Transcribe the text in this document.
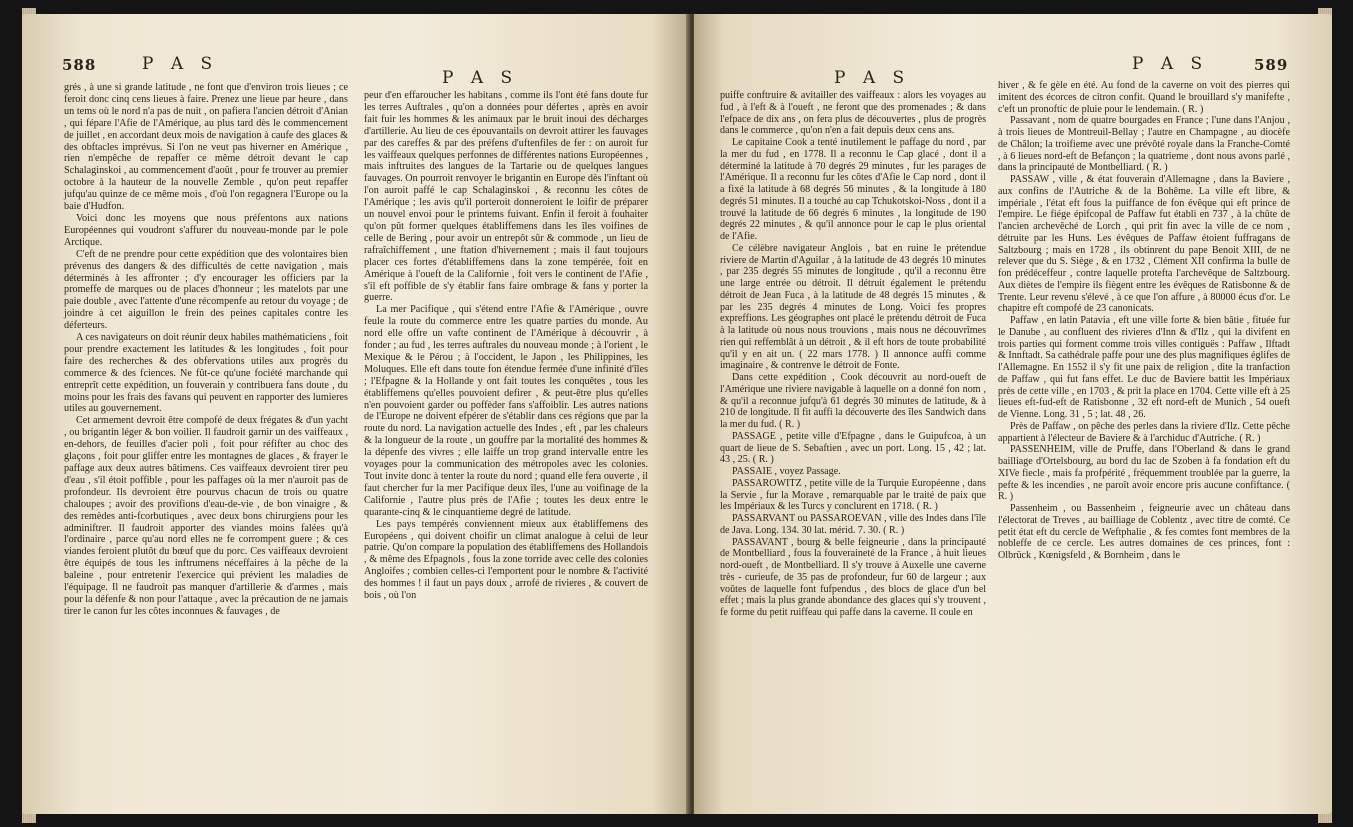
588	P A S
P A S

grés , à une si grande latitude , ne font que d'environ trois lieues ; ce feroit donc cinq cens lieues à faire. Prenez une lieue par heure , dans un tems où le nord n'a pas de nuit , on pafiera l'ancien détroit d'Anian , qui fépare l'Afie de l'Amérique, au plus tard dès le commencement de juillet , en accordant deux mois de navigation à caufe des glaces & des obftacles imprévus. Si l'on ne veut pas hiverner en Amérique , rien n'empêche de repaffer ce même détroit devant le cap Schalaginskoi , au commencement d'août , pour fe trouver au premier octobre à la hauteur de la nouvelle Zemble , qu'on peut repaffer jufqu'au quinze de ce même mois , d'où l'on regagnera l'Europe ou la baie d'Hudfon.

Voici donc les moyens que nous préfentons aux nations Européennes qui voudront s'affurer du nouveau-monde par le pole Arctique.

C'eft de ne prendre pour cette expédition que des volontaires bien prévenus des dangers & des difficultés de cette navigation , mais déterminés à les affronter ; d'y encourager les officiers par la promeffe de marques ou de places d'honneur ; les matelots par une paie double , avec l'attente d'une récompenfe au retour du voyage ; de joindre à cet aiguillon le frein des peines capitales contre les déferteurs.

A ces navigateurs on doit réunir deux habiles mathématiciens , foit pour prendre exactement les latitudes & les longitudes , foit pour faire des recherches & des obfervations utiles aux progrès du commerce & des fciences. Ne fût-ce qu'une fociété marchande qui entreprît cette expédition, un fouverain y contribuera fans doute , du moins pour les frais des favans qui peuvent en rapporter des lumieres utiles au gouvernement.

Cet armement devroit être compofé de deux frégates & d'un yacht , ou brigantin léger & bon voilier. Il faudroit garnir un des vaiffeaux , en-dehors, de feuilles d'acier poli , foit pour réfifter au choc des glaçons , foit pour gliffer entre les montagnes de glaces , & frayer le paffage aux deux autres bâtimens. Ces vaiffeaux devroient tirer peu d'eau , s'il étoit poffible , pour les paffages où la mer n'auroit pas de profondeur. Ils devroient être pourvus chacun de trois ou quatre chaloupes ; avoir des provifions d'eau-de-vie , de bon vinaigre , & des remèdes anti-fcorbutiques , avec deux bons chirurgiens pour les adminiftrer. Il faudroit apporter des viandes moins falées qu'à l'ordinaire , parce qu'au nord elles ne fe corrompent guere ; & ces viandes feroient plutôt du bœuf que du porc. Ces vaiffeaux devroient être équipés de tous les inftrumens néceffaires à la pêche de la baleine , pour entretenir l'exercice qui prévient les maladies de l'équipage. Il ne faudroit pas manquer d'artillerie & d'armes , mais pour la défenfe & non pour l'attaque , avec la précaution de ne jamais tirer le canon fur les côtes inconnues & fauvages , de

peur d'en effaroucher les habitans , comme ils l'ont été fans doute fur les terres Auftrales , qu'on a données pour défertes , après en avoir fait fuir les hommes & les animaux par le bruit inoui des décharges d'artillerie. Au lieu de ces épouvantails on devroit attirer les fauvages par des careffes & par des préfens d'uftenfiles de fer : on auroit fur les vaiffeaux quelques perfonnes de différentes nations Européennes , mais inftruites des langues de la Tartarie ou de quelques langues fauvages. On pourroit renvoyer le brigantin en Europe dès l'inftant où l'on auroit paffé le cap Schalaginskoi , & reconnu les côtes de l'Amérique ; les avis qu'il porteroit donneroient le loifir de préparer un nouvel envoi pour le printems fuivant. Enfin il feroit à fouhaiter qu'on pût former quelques établiffemens dans les îles voifines de celle de Bering , pour avoir un entrepôt sûr & commode , un lieu de rafraîchiffement , une ftation d'hivernement ; mais il faut toujours placer ces fortes d'établiffemens dans la zone tempérée, foit en Amérique à l'oueft de la Californie , foit vers le continent de l'Afie , s'il eft poffible de s'y établir fans faire ombrage & fans y porter la guerre.

La mer Pacifique , qui s'étend entre l'Afie & l'Amérique , ouvre feule la route du commerce entre les quatre parties du monde. Au nord elle offre un vafte continent de l'Amérique à découvrir , à fonder ; au fud , les terres auftrales du nouveau monde ; à l'orient , le Mexique & le Pérou ; à l'occident, le Japon , les Philippines, les Moluques. Elle eft dans toute fon étendue fermée d'une infinité d'îles ; l'Efpagne & la Hollande y ont fait toutes les conquêtes , tous les établiffemens qu'elles pouvoient defirer , & peut-être plus qu'elles n'en pouvoient garder ou poffèder fans s'affoiblir. Les autres nations de l'Europe ne doivent efpérer de s'établir dans ces régions que par la route du nord. La navigation actuelle des Indes , eft , par les chaleurs & la longueur de la route , un gouffre par la mortalité des hommes & la dépenfe des vivres ; elle laiffe un trop grand intervalle entre les voyages pour la communication des métropoles avec les colonies. Tout invite donc à tenter la route du nord ; quand elle fera ouverte , il faut chercher fur la mer Pacifique deux îles, l'une au voifinage de la Californie , l'autre plus près de l'Afie ; toutes les deux entre le quarante-cinq & le cinquantieme degré de latitude.

Les pays tempérés conviennent mieux aux établiffemens des Européens , qui doivent choifir un climat analogue à celui de leur patrie. Qu'on compare la population des établiffemens des Hollandois , & même des Efpagnols , fous la zone torride avec celle des colonies Angloifes ; combien celles-ci l'emportent pour le nombre & l'activité des hommes ! il faut un pays doux , arrofé de rivieres , & couvert de bois , où l'on

P A S
P A S	589

puiffe conftruire & avitailler des vaiffeaux : alors les voyages au fud , à l'eft & à l'oueft , ne feront que des promenades ; & dans l'efpace de dix ans , on fera plus de découvertes , plus de progrès dans le commerce , qu'on n'en a fait depuis deux cens ans.

Le capitaine Cook a tenté inutilement le paffage du nord , par la mer du fud , en 1778. Il a reconnu le Cap glacé , dont il a déterminé la latitude à 70 degrés 29 minutes , fur les parages de l'Amérique. Il a reconnu fur les côtes d'Afie le Cap nord , dont il a fixé la latitude à 68 degrés 56 minutes , & la longitude à 180 degrés 51 minutes. Il a touché au cap Tchukotskoi-Noss , dont il a trouvé la latitude de 66 degrés 6 minutes , la longitude de 190 degrés 22 minutes , & qu'il annonce pour le cap le plus oriental de l'Afie.

Ce célèbre navigateur Anglois , bat en ruine le prétendue riviere de Martin d'Aguilar , à la latitude de 43 degrés 10 minutes , par 235 degrés 55 minutes de longitude , qu'il a reconnu être une large entrée ou détroit. Il détruit également le prétendu détroit de Jean Fuca , à la latitude de 48 degrés 15 minutes , & par les 235 degrés 4 minutes de Long. Voici fes propres expreffions. Les géographes ont placé le prétendu détroit de Fuca à la latitude où nous nous trouvions , mais nous ne découvrîmes rien qui reffemblât à un détroit , & il eft hors de toute probabilité qu'il y en ait un. ( 22 mars 1778. ) Il annonce auffi comme imaginaire , & contrenve le détroit de Fonte.

Dans cette expédition , Cook découvrit au nord-oueft de l'Amérique une riviere navigable à laquelle on a donné fon nom , & qu'il a reconnue jufqu'à 61 degrés 30 minutes de latitude, & à 210 de longitude. Il fit auffi la découverte des îles Sandwich dans la mer du fud. ( R. )

PASSAGE , petite ville d'Efpagne , dans le Guipufcoa, à un quart de lieue de S. Sebaftien , avec un port. Long. 15 , 42 ; lat. 43 , 25. ( R. )

PASSAIE , voyez Passage.

PASSAROWITZ , petite ville de la Turquie Européenne , dans la Servie , fur la Morave , remarquable par le traité de paix que les Impériaux & les Turcs y conclurent en 1718. ( R. )

PASSARVANT ou PASSAROEVAN , ville des Indes dans l'île de Java. Long. 134. 30 lat. mérid. 7. 30. ( R. )

PASSAVANT , bourg & belle feigneurie , dans la principauté de Montbelliard , fous la fouveraineté de la France , à huit lieues nord-oueft , de Montbelliard. Il s'y trouve à Auxelle une caverne très - curieufe, de 35 pas de profondeur, fur 60 de largeur ; aux voûtes de laquelle font fufpendus , des blocs de glace d'un bel effet ; mais la plus grande abondance des glaces qui s'y trouvent , fe forme du petit ruiffeau qui paffe dans la caverne. Il coule en

hiver , & fe gèle en été. Au fond de la caverne on voit des pierres qui imitent des écorces de citron confit. Quand le brouillard s'y manifefte , c'eft un pronoftic de pluie pour le lendemain. ( R. )

Passavant , nom de quatre bourgades en France ; l'une dans l'Anjou , à trois lieues de Montreuil-Bellay ; l'autre en Champagne , au diocèfe de Châlon; la troifieme avec une prévôté royale dans la Franche-Comté , à 6 lieues nord-eft de Befançon ; la quatrieme , dont nous avons parlé , dans la principauté de Montbelliard. ( R. )

PASSAW , ville , & état fouverain d'Allemagne , dans la Baviere , aux confins de l'Autriche & de la Bohême. La ville eft libre, & impériale , l'état eft fous la puiffance de fon évêque qui eft prince de l'empire. Le fiége épifcopal de Paffaw fut établi en 737 , à la chûte de l'ancien archevêché de Lorch , qui prit fin avec la ville de ce nom , détruite par les Huns. Les évêques de Paffaw étoient fuffragans de Saltzbourg ; mais en 1728 , ils obtinrent du pape Benoit XIII, de ne relever que du S. Siège , & en 1732 , Clément XII confirma la bulle de fon prédéceffeur , contre laquelle protefta l'archevêque de Saltzbourg. Aux diètes de l'empire ils fiègent entre les évêques de Ratisbonne & de Trente. Leur revenu s'élevé , à ce que l'on affure , à 80000 écus d'or. Le chapitre eft compofé de 23 canonicats.

Paffaw , en latin Patavia , eft une ville forte & bien bâtie , fituée fur le Danube , au confluent des rivieres d'Inn & d'Ilz , qui la divifent en trois parties qui forment comme trois villes contiguës : Paffaw , Ilftadt & Innftadt. Sa cathédrale paffe pour une des plus magnifiques églifes de l'Allemagne. En 1552 il s'y fit une paix de religion , dite la tranfaction de Paffaw , qui fut fans effet. Le duc de Baviere battit les Impériaux près de cette ville , en 1703 , & prit la place en 1704. Cette ville eft à 25 lieues eft-fud-eft de Ratisbonne , 32 eft nord-eft de Munich , 54 oueft de Vienne. Long. 31 , 5 ; lat. 48 , 26.

Près de Paffaw , on pêche des perles dans la riviere d'Ilz. Cette pêche appartient à l'électeur de Baviere & à l'archiduc d'Autriche. ( R. )

PASSENHEIM, ville de Pruffe, dans l'Oberland & dans le grand bailliage d'Ortelsbourg, au bord du lac de Szoben à fa fondation eft du XIVe fiecle , mais fa profpérité , fréquemment troublée par la guerre, la pefte & les incendies , ne paroît avoir encore pris aucune confiftance. ( R. )

Passenheim , ou Bassenheim , feigneurie avec un château dans l'électorat de Treves , au bailliage de Coblentz , avec titre de comté. Ce petit état eft du cercle de Weftphalie , & fes comtes font membres de la nobleffe de ce cercle. Les autres domaines de ces princes, font : Olbrück , Kœnigsfeld , & Bornheim , dans le
